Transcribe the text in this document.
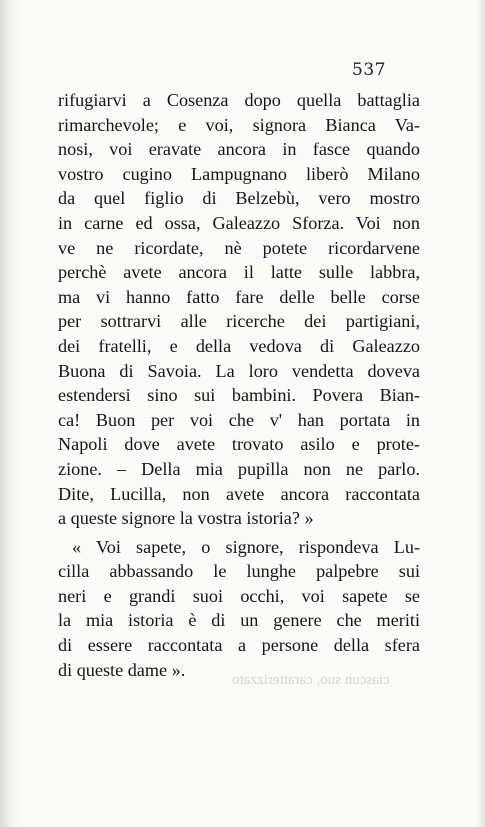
537
rifugiarvi a Cosenza dopo quella battaglia
rimarchevole; e voi, signora Bianca Va-
nosi, voi eravate ancora in fasce quando
vostro cugino Lampugnano liberò Milano
da quel figlio di Belzebù, vero mostro
in carne ed ossa, Galeazzo Sforza. Voi non
ve ne ricordate, nè potete ricordarvene
perchè avete ancora il latte sulle labbra,
ma vi hanno fatto fare delle belle corse
per sottrarvi alle ricerche dei partigiani,
dei fratelli, e della vedova di Galeazzo
Buona di Savoia. La loro vendetta doveva
estendersi sino sui bambini. Povera Bian-
ca! Buon per voi che v' han portata in
Napoli dove avete trovato asilo e prote-
zione. – Della mia pupilla non ne parlo.
Dite, Lucilla, non avete ancora raccontata
a queste signore la vostra istoria? »
« Voi sapete, o signore, rispondeva Lu-
cilla abbassando le lunghe palpebre sui
neri e grandi suoi occhi, voi sapete se
la mia istoria è di un genere che meriti
di essere raccontata a persone della sfera
di queste dame ».
ciascun suo, caratterizzato
